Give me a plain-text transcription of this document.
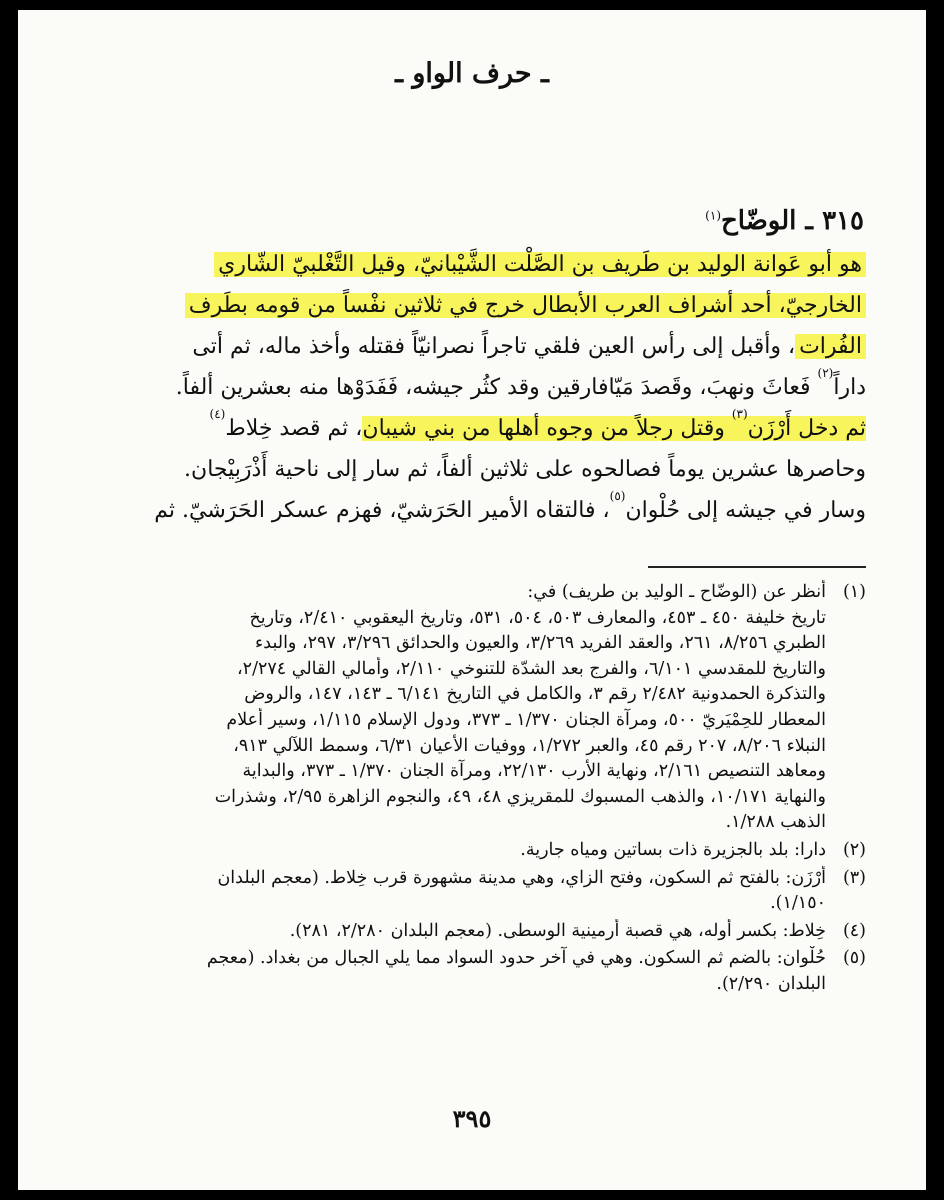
ـ حرف الواو ـ
٣١٥ ـ الوضّاح$^{(١)}$
هو أبو عَوانة الوليد بن طَريف بن الصَّلْت الشَّيْبانيّ، وقيل التَّغْلبيّ الشّاري
الخارجيّ، أحد أشراف العرب الأبطال خرج في ثلاثين نفْساً من قومه بطَرف
الفُرات، وأقبل إلى رأس العين فلقي تاجراً نصرانيّاً فقتله وأخذ ماله، ثم أتى
داراً$^{(٢)}$ فَعاثَ ونهبَ، وقَصدَ مَيّافارقين وقد كثُر جيشه، فَفَدَوْها منه بعشرين ألفاً.
ثم دخل أَرْزَن$^{(٣)}$ وقتل رجلاً من وجوه أهلها من بني شيبان، ثم قصد خِلاط$^{(٤)}$
وحاصرها عشرين يوماً فصالحوه على ثلاثين ألفاً، ثم سار إلى ناحية أَذْرَبِيْجان.
وسار في جيشه إلى حُلْوان$^{(٥)}$، فالتقاه الأمير الحَرَشيّ، فهزم عسكر الحَرَشيّ. ثم
(١)
أنظر عن (الوضّاح ـ الوليد بن طريف) في:
تاريخ خليفة ٤٥٠ ـ ٤٥٣، والمعارف ٥٠٣، ٥٠٤، ٥٣١، وتاريخ اليعقوبي ٢/٤١٠، وتاريخ
الطبري ٨/٢٥٦، ٢٦١، والعقد الفريد ٣/٢٦٩، والعيون والحدائق ٣/٢٩٦، ٢٩٧، والبدء
والتاريخ للمقدسي ٦/١٠١، والفرج بعد الشدّة للتنوخي ٢/١١٠، وأمالي القالي ٢/٢٧٤،
والتذكرة الحمدونية ٢/٤٨٢ رقم ٣، والكامل في التاريخ ٦/١٤١ ـ ١٤٣، ١٤٧، والروض
المعطار للحِمْيَريّ ٥٠٠، ومرآة الجنان ١/٣٧٠ ـ ٣٧٣، ودول الإسلام ١/١١٥، وسير أعلام
النبلاء ٨/٢٠٦، ٢٠٧ رقم ٤٥، والعبر ١/٢٧٢، ووفيات الأعيان ٦/٣١، وسمط اللآلي ٩١٣،
ومعاهد التنصيص ٢/١٦١، ونهاية الأرب ٢٢/١٣٠، ومرآة الجنان ١/٣٧٠ ـ ٣٧٣، والبداية
والنهاية ١٠/١٧١، والذهب المسبوك للمقريزي ٤٨، ٤٩، والنجوم الزاهرة ٢/٩٥، وشذرات
الذهب ١/٢٨٨.
(٢)
دارا: بلد بالجزيرة ذات بساتين ومياه جارية.
(٣)
أَرْزَن: بالفتح ثم السكون، وفتح الزاي، وهي مدينة مشهورة قرب خِلاط. (معجم البلدان
١/١٥٠).
(٤)
خِلاط: بكسر أوله، هي قصبة أرمينية الوسطى. (معجم البلدان ٢/٢٨٠، ٢٨١).
(٥)
حُلْوان: بالضم ثم السكون. وهي في آخر حدود السواد مما يلي الجبال من بغداد. (معجم
البلدان ٢/٢٩٠).
٣٩٥
